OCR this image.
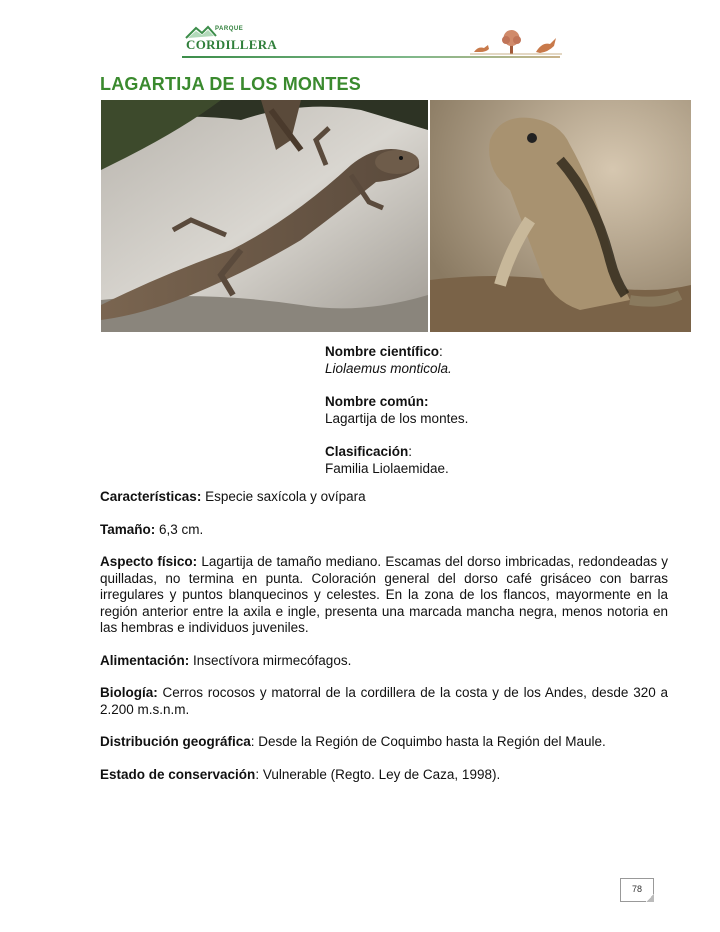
PARQUE
CORDILLERA
LAGARTIJA DE LOS MONTES
Nombre científico:
Liolaemus monticola.
Nombre común:
Lagartija de los montes.
Clasificación:
Familia Liolaemidae.

Características: Especie saxícola y ovípara

Tamaño: 6,3 cm.

Aspecto físico: Lagartija de tamaño mediano. Escamas del dorso imbricadas, redondeadas y quilladas, no termina en punta. Coloración general del dorso café grisáceo con barras irregulares y puntos blanquecinos y celestes. En la zona de los flancos, mayormente en la región anterior entre la axila e ingle, presenta una marcada mancha negra, menos notoria en las hembras e individuos juveniles.

Alimentación: Insectívora mirmecófagos.

Biología: Cerros rocosos y matorral de la cordillera de la costa y de los Andes, desde 320 a 2.200 m.s.n.m.

Distribución geográfica: Desde la Región de Coquimbo hasta la Región del Maule.

Estado de conservación: Vulnerable (Regto. Ley de Caza, 1998).

78
